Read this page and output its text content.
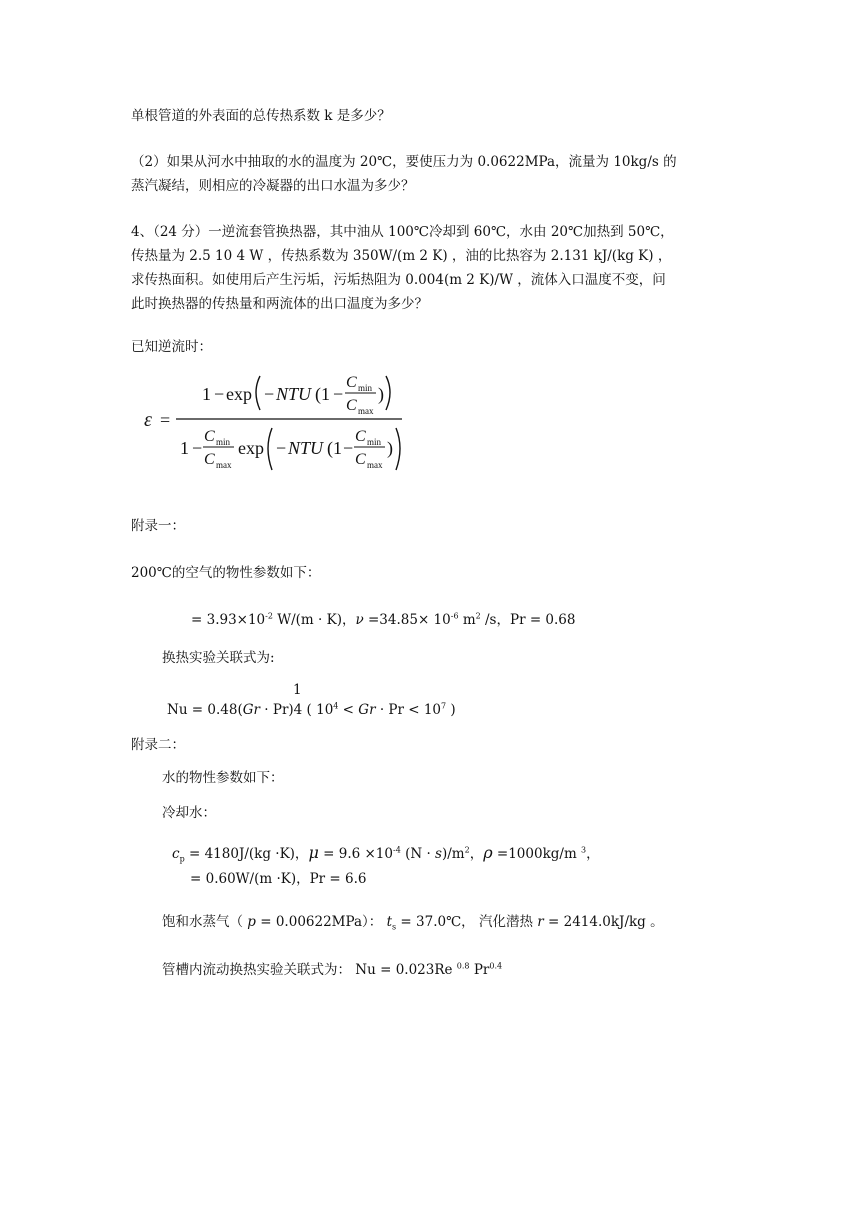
单根管道的外表面的总传热系数 k 是多少？
（2）如果从河水中抽取的水的温度为 20℃，要使压力为 0.0622MPa，流量为 10kg/s 的
蒸汽凝结，则相应的冷凝器的出口水温为多少？
4、（24 分）一逆流套管换热器，其中油从 100℃冷却到 60℃，水由 20℃加热到 50℃，
传热量为 2.5 10 4 W ，传热系数为 350W/(m 2 K) ，油的比热容为 2.131 kJ/(kg K) ，
求传热面积。如使用后产生污垢，污垢热阻为 0.004(m 2 K)/W ，流体入口温度不变，问
此时换热器的传热量和两流体的出口温度为多少？
已知逆流时：
ε =
1 − exp − NTU (1 −
C min
C max
)
1 −
C min
C max
exp − NTU (1 −
C min
C max
)
附录一：
200℃的空气的物性参数如下：
= $3.93\times 10^{-2}$ W/(m · K)，$\nu =34.85\times 10^{-6}$ $m^2$ /s，Pr = 0.68
换热实验关联式为:
1
Nu = 0.48(Gr · Pr)4 ( $10^4 < Gr \cdot Pr < 10^7$ )
附录二：
水的物性参数如下：
冷却水：
$c_p = 4180J/(kg \cdot K)$，$\mu = 9.6 \times 10^{-4}$ $(N \cdot s)/m^2$，ρ =1000kg/m $^3$，
= 0.60W/(m ·K)，Pr = 6.6
饱和水蒸气（ p = 0.00622MPa）： $t_s$ = 37.0℃， 汽化潜热 r = 2414.0kJ/kg 。
管槽内流动换热实验关联式为： Nu = 0.023Re $^{0.8}$ $Pr^{0.4}$
